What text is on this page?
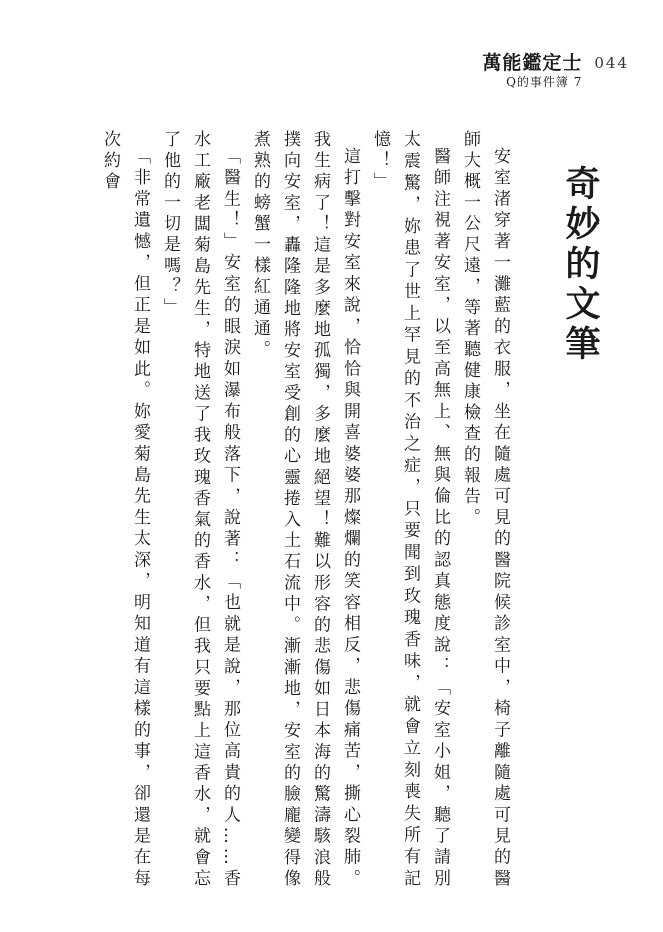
萬能鑑定士
Q的事件簿 7
044
奇妙的文筆

安室渚穿著一灘藍的衣服，坐在隨處可見的醫院候診室中，椅子離隨處可見的醫師大概一公尺遠，等著聽健康檢查的報告。

醫師注視著安室，以至高無上、無與倫比的認真態度說：「安室小姐，聽了請別太震驚，妳患了世上罕見的不治之症，只要聞到玫瑰香味，就會立刻喪失所有記憶！」

這打擊對安室來說，恰恰與開喜婆婆那燦爛的笑容相反，悲傷痛苦，撕心裂肺。我生病了！這是多麼地孤獨，多麼地絕望！難以形容的悲傷如日本海的驚濤駭浪般撲向安室，轟隆隆地將安室受創的心靈捲入土石流中。漸漸地，安室的臉龐變得像煮熟的螃蟹一樣紅通通。

「醫生！」安室的眼淚如瀑布般落下，說著：「也就是說，那位高貴的人……香水工廠老闆菊島先生，特地送了我玫瑰香氣的香水，但我只要點上這香水，就會忘了他的一切是嗎？」

「非常遺憾，但正是如此。妳愛菊島先生太深，明知道有這樣的事，卻還是在每次約會
